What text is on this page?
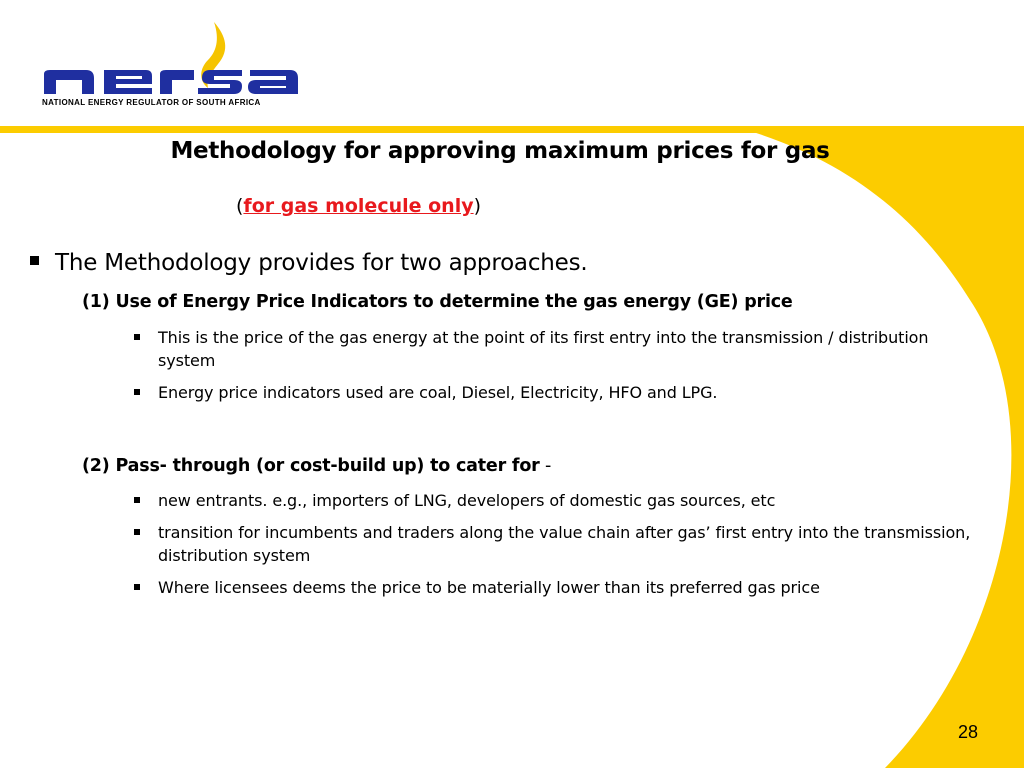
NATIONAL ENERGY REGULATOR OF SOUTH AFRICA
Methodology for approving maximum prices for gas
(for gas molecule only)
The Methodology provides for two approaches.
(1) Use of Energy Price Indicators to determine the gas energy (GE) price
This is the price of the gas energy at the point of its first entry into the transmission / distribution system
Energy price indicators used are coal, Diesel, Electricity, HFO and LPG.
(2) Pass- through (or cost-build up) to cater for -
new entrants. e.g., importers of LNG, developers of domestic gas sources, etc
transition for incumbents and traders along the value chain after gas’ first entry into the transmission, distribution system
Where licensees deems the price to be materially lower than its preferred gas price
28
